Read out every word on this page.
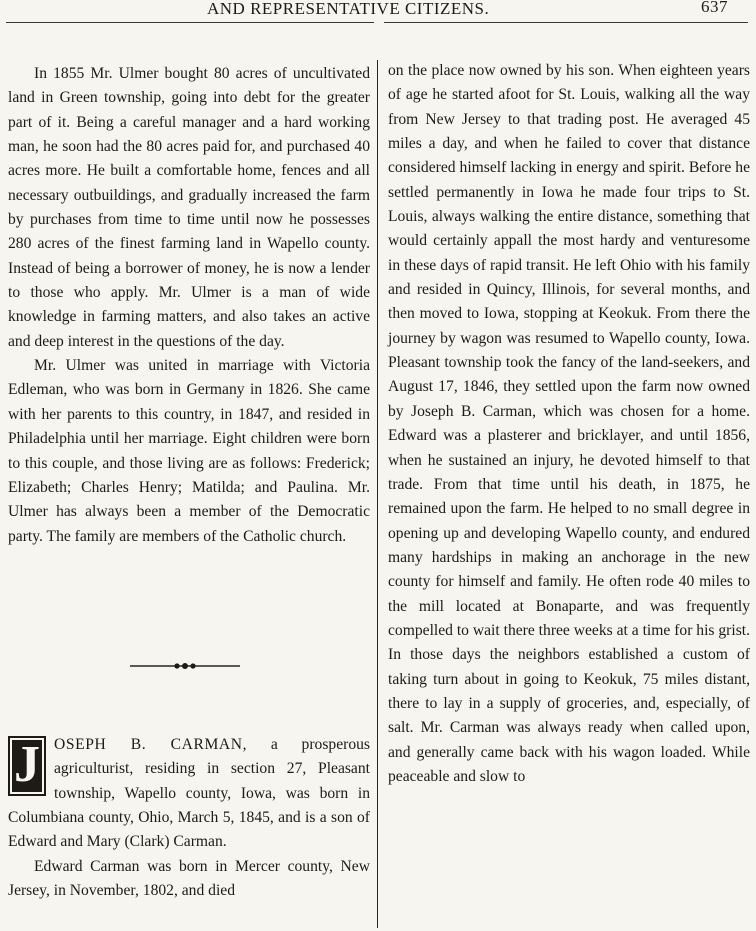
AND REPRESENTATIVE CITIZENS.	637

In 1855 Mr. Ulmer bought 80 acres of uncultivated land in Green township, going into debt for the greater part of it. Being a careful manager and a hard working man, he soon had the 80 acres paid for, and purchased 40 acres more. He built a comfortable home, fences and all necessary outbuildings, and gradually increased the farm by purchases from time to time until now he possesses 280 acres of the finest farming land in Wapello county. Instead of being a borrower of money, he is now a lender to those who apply. Mr. Ulmer is a man of wide knowledge in farming matters, and also takes an active and deep interest in the questions of the day.

Mr. Ulmer was united in marriage with Victoria Edleman, who was born in Germany in 1826. She came with her parents to this country, in 1847, and resided in Philadelphia until her marriage. Eight children were born to this couple, and those living are as follows: Frederick; Elizabeth; Charles Henry; Matilda; and Paulina. Mr. Ulmer has always been a member of the Democratic party. The family are members of the Catholic church.

J OSEPH B. CARMAN, a prosperous agriculturist, residing in section 27, Pleasant township, Wapello county, Iowa, was born in Columbiana county, Ohio, March 5, 1845, and is a son of Edward and Mary (Clark) Carman.

Edward Carman was born in Mercer county, New Jersey, in November, 1802, and died

on the place now owned by his son. When eighteen years of age he started afoot for St. Louis, walking all the way from New Jersey to that trading post. He averaged 45 miles a day, and when he failed to cover that distance considered himself lacking in energy and spirit. Before he settled permanently in Iowa he made four trips to St. Louis, always walking the entire distance, something that would certainly appall the most hardy and venturesome in these days of rapid transit. He left Ohio with his family and resided in Quincy, Illinois, for several months, and then moved to Iowa, stopping at Keokuk. From there the journey by wagon was resumed to Wapello county, Iowa. Pleasant township took the fancy of the land-seekers, and August 17, 1846, they settled upon the farm now owned by Joseph B. Carman, which was chosen for a home. Edward was a plasterer and bricklayer, and until 1856, when he sustained an injury, he devoted himself to that trade. From that time until his death, in 1875, he remained upon the farm. He helped to no small degree in opening up and developing Wapello county, and endured many hardships in making an anchorage in the new county for himself and family. He often rode 40 miles to the mill located at Bonaparte, and was frequently compelled to wait there three weeks at a time for his grist. In those days the neighbors established a custom of taking turn about in going to Keokuk, 75 miles distant, there to lay in a supply of groceries, and, especially, of salt. Mr. Carman was always ready when called upon, and generally came back with his wagon loaded. While peaceable and slow to
